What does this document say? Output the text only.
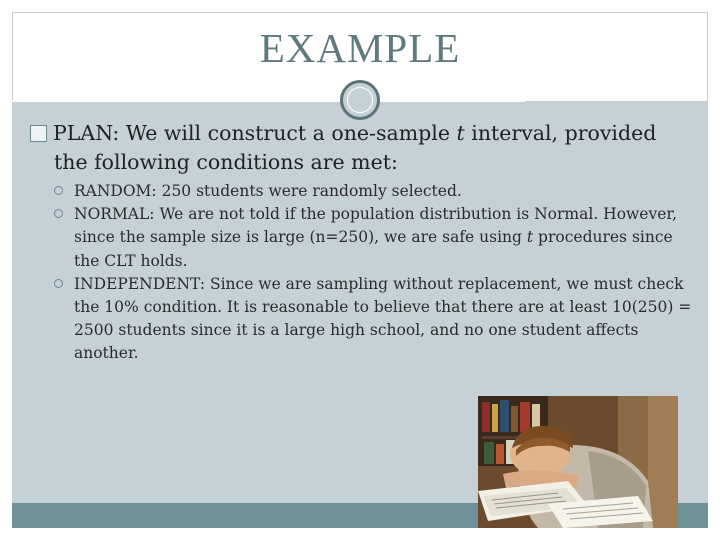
EXAMPLE
PLAN: We will construct a one-sample t interval, provided
the following conditions are met:
RANDOM: 250 students were randomly selected.
NORMAL: We are not told if the population distribution is Normal. However, since the sample size is large (n=250), we are safe using t procedures since the CLT holds.
INDEPENDENT: Since we are sampling without replacement, we must check the 10% condition. It is reasonable to believe that there are at least 10(250) = 2500 students since it is a large high school, and no one student affects another.
